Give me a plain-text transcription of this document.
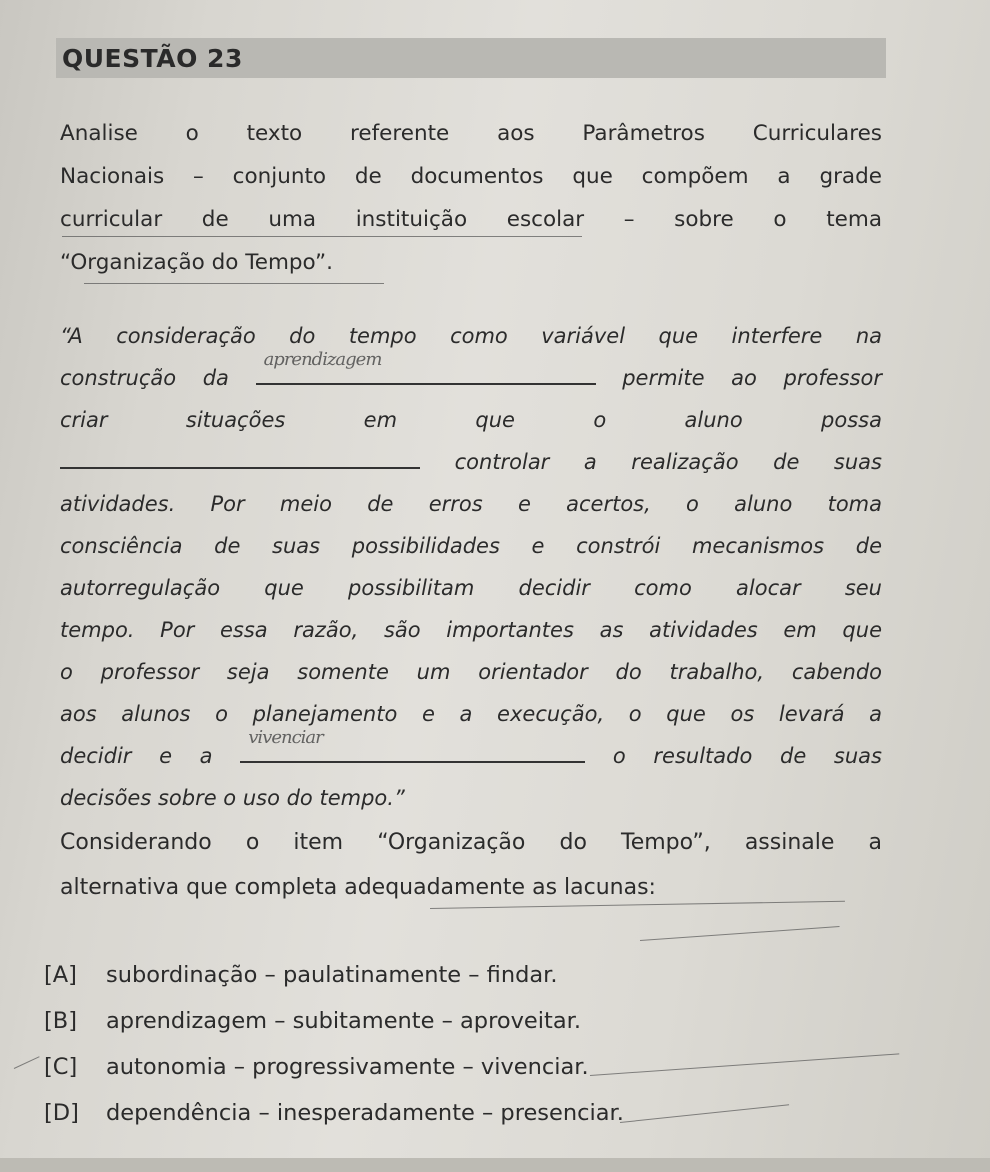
QUESTÃO 23
Analise o texto referente aos Parâmetros Curriculares
Nacionais – conjunto de documentos que compõem a grade
curricular de uma instituição escolar – sobre o tema
“Organização do Tempo”.
“A consideração do tempo como variável que interfere na
construção da
aprendizagem
permite ao professor
criar situações em que o aluno possa
controlar a realização de suas
atividades. Por meio de erros e acertos, o aluno toma
consciência de suas possibilidades e constrói mecanismos de
autorregulação que possibilitam decidir como alocar seu
tempo. Por essa razão, são importantes as atividades em que
o professor seja somente um orientador do trabalho, cabendo
aos alunos o planejamento e a execução, o que os levará a
decidir e a
vivenciar
o resultado de suas
decisões sobre o uso do tempo.”
Considerando o item “Organização do Tempo”, assinale a
alternativa que completa adequadamente as lacunas:
[A] subordinação – paulatinamente – findar.
[B] aprendizagem – subitamente – aproveitar.
[C] autonomia – progressivamente – vivenciar.
[D] dependência – inesperadamente – presenciar.
